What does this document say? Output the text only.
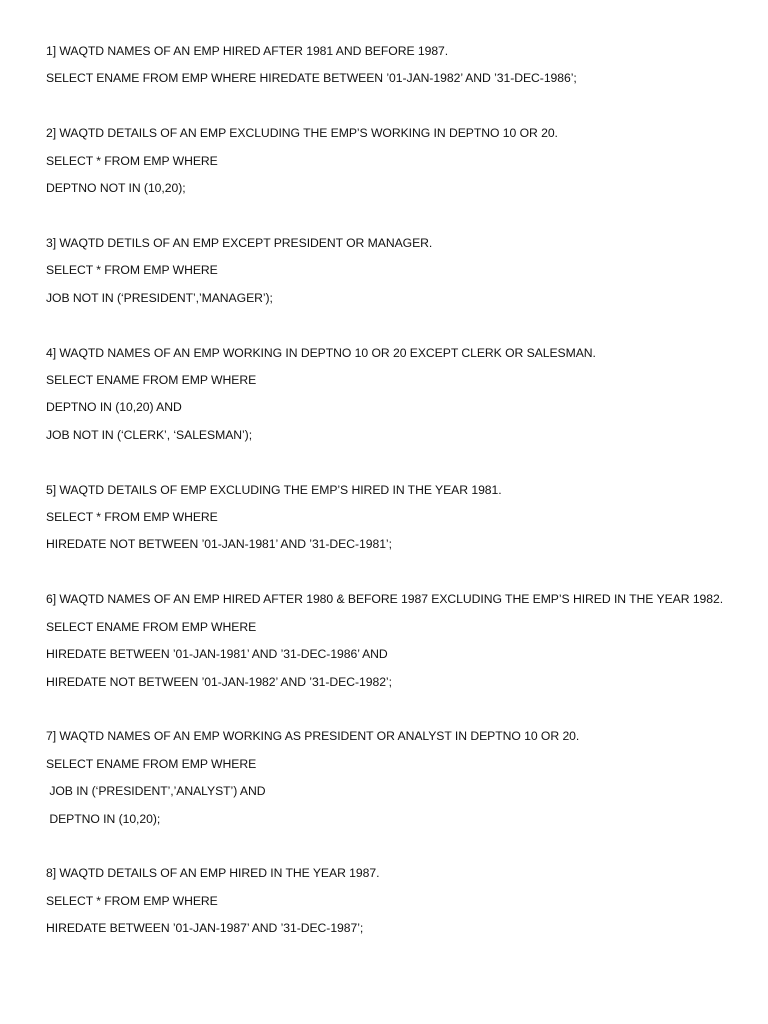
1] WAQTD NAMES OF AN EMP HIRED AFTER 1981 AND BEFORE 1987.
SELECT ENAME FROM EMP WHERE HIREDATE BETWEEN ’01-JAN-1982’ AND ’31-DEC-1986’;
2] WAQTD DETAILS OF AN EMP EXCLUDING THE EMP’S WORKING IN DEPTNO 10 OR 20.
SELECT * FROM EMP WHERE
DEPTNO NOT IN (10,20);
3] WAQTD DETILS OF AN EMP EXCEPT PRESIDENT OR MANAGER.
SELECT * FROM EMP WHERE
JOB NOT IN (‘PRESIDENT’,’MANAGER’);
4] WAQTD NAMES OF AN EMP WORKING IN DEPTNO 10 OR 20 EXCEPT CLERK OR SALESMAN.
SELECT ENAME FROM EMP WHERE
DEPTNO IN (10,20) AND
JOB NOT IN (‘CLERK’, ‘SALESMAN’);
5] WAQTD DETAILS OF EMP EXCLUDING THE EMP’S HIRED IN THE YEAR 1981.
SELECT * FROM EMP WHERE
HIREDATE NOT BETWEEN ’01-JAN-1981’ AND ’31-DEC-1981’;
6] WAQTD NAMES OF AN EMP HIRED AFTER 1980 & BEFORE 1987 EXCLUDING THE EMP’S HIRED IN THE YEAR 1982.
SELECT ENAME FROM EMP WHERE
HIREDATE BETWEEN ’01-JAN-1981’ AND ’31-DEC-1986’ AND
HIREDATE NOT BETWEEN ’01-JAN-1982’ AND ’31-DEC-1982’;
7] WAQTD NAMES OF AN EMP WORKING AS PRESIDENT OR ANALYST IN DEPTNO 10 OR 20.
SELECT ENAME FROM EMP WHERE
JOB IN (‘PRESIDENT’,’ANALYST’) AND
DEPTNO IN (10,20);
8] WAQTD DETAILS OF AN EMP HIRED IN THE YEAR 1987.
SELECT * FROM EMP WHERE
HIREDATE BETWEEN ’01-JAN-1987’ AND ’31-DEC-1987’;
